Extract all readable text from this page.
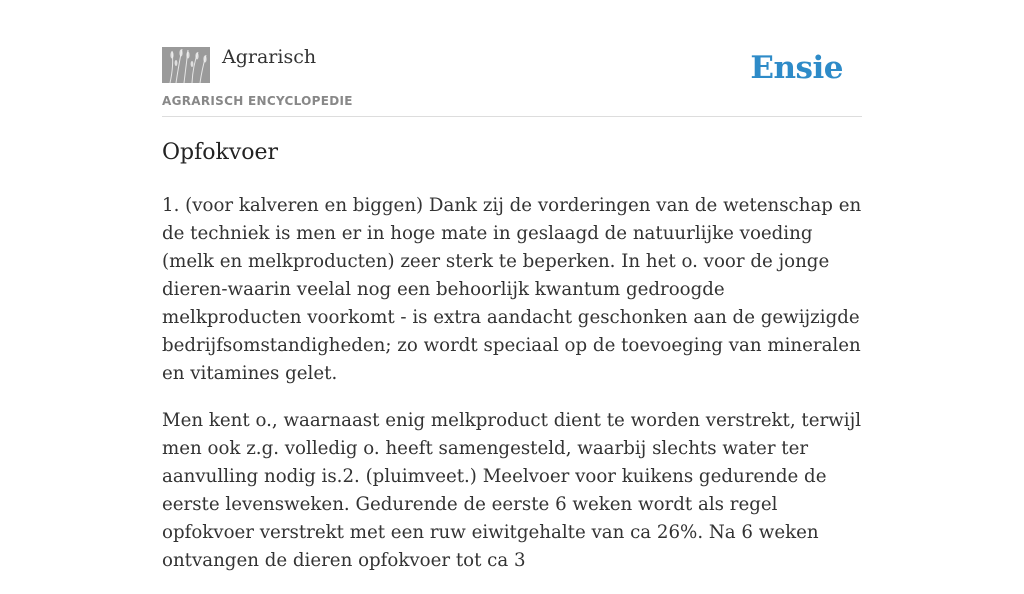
Agrarisch
AGRARISCH ENCYCLOPEDIE
Ensie
Opfokvoer

1. (voor kalveren en biggen) Dank zij de vorderingen van de wetenschap en de techniek is men er in hoge mate in geslaagd de natuurlijke voeding (melk en melkproducten) zeer sterk te beperken. In het o. voor de jonge dieren-waarin veelal nog een behoorlijk kwantum gedroogde melkproducten voorkomt - is extra aandacht geschonken aan de gewijzigde bedrijfsomstandigheden; zo wordt speciaal op de toevoeging van mineralen en vitamines gelet.

Men kent o., waarnaast enig melkproduct dient te worden verstrekt, terwijl men ook z.g. volledig o. heeft samengesteld, waarbij slechts water ter aanvulling nodig is.2. (pluimveet.) Meelvoer voor kuikens gedurende de eerste levensweken. Gedurende de eerste 6 weken wordt als regel opfokvoer verstrekt met een ruw eiwitgehalte van ca 26%. Na 6 weken ontvangen de dieren opfokvoer tot ca 3
